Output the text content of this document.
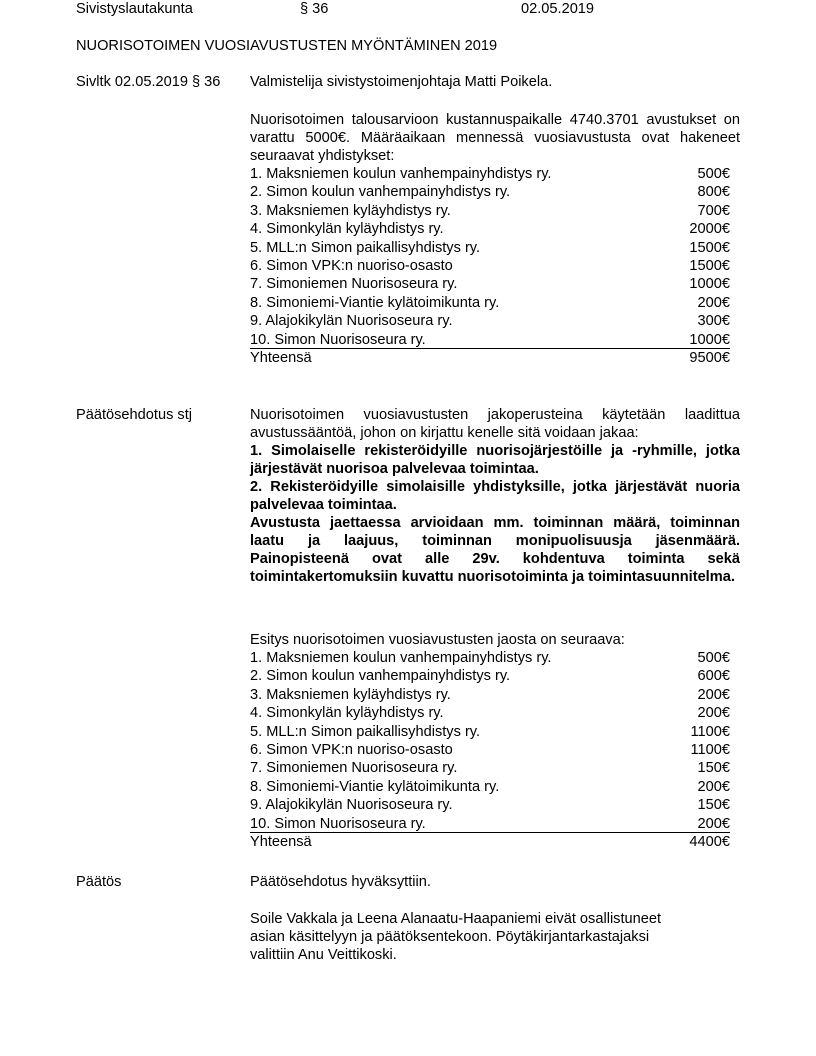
Sivistyslautakunta	§ 36	02.05.2019
NUORISOTOIMEN VUOSIAVUSTUSTEN MYÖNTÄMINEN 2019
Sivltk 02.05.2019 § 36 Valmistelija sivistystoimenjohtaja Matti Poikela.

Nuorisotoimen talousarvioon kustannuspaikalle 4740.3701 avustukset on varattu 5000€. Määräaikaan mennessä vuosiavustusta ovat hakeneet seuraavat yhdistykset:

1. Maksniemen koulun vanhempainyhdistys ry.	500€
2. Simon koulun vanhempainyhdistys ry.	800€
3. Maksniemen kyläyhdistys ry.	700€
4. Simonkylän kyläyhdistys ry.	2000€
5. MLL:n Simon paikallisyhdistys ry.	1500€
6. Simon VPK:n nuoriso-osasto	1500€
7. Simoniemen Nuorisoseura ry.	1000€
8. Simoniemi-Viantie kylätoimikunta ry.	200€
9. Alajokikylän Nuorisoseura ry.	300€
10. Simon Nuorisoseura ry.	1000€
Yhteensä	9500€
Päätösehdotus stj	Nuorisotoimen vuosiavustusten jakoperusteina käytetään laadittua avustussääntöä, johon on kirjattu kenelle sitä voidaan jakaa:

1. Simolaiselle rekisteröidyille nuorisojärjestöille ja -ryhmille, jotka järjestävät nuorisoa palvelevaa toimintaa.

2. Rekisteröidyille simolaisille yhdistyksille, jotka järjestävät nuoria palvelevaa toimintaa.

Avustusta jaettaessa arvioidaan mm. toiminnan määrä, toiminnan laatu ja laajuus, toiminnan monipuolisuusja jäsenmäärä. Painopisteenä ovat alle 29v. kohdentuva toiminta sekä toimintakertomuksiin kuvattu nuorisotoiminta ja toimintasuunnitelma.

Esitys nuorisotoimen vuosiavustusten jaosta on seuraava:

1. Maksniemen koulun vanhempainyhdistys ry.	500€
2. Simon koulun vanhempainyhdistys ry.	600€
3. Maksniemen kyläyhdistys ry.	200€
4. Simonkylän kyläyhdistys ry.	200€
5. MLL:n Simon paikallisyhdistys ry.	1100€
6. Simon VPK:n nuoriso-osasto	1100€
7. Simoniemen Nuorisoseura ry.	150€
8. Simoniemi-Viantie kylätoimikunta ry.	200€
9. Alajokikylän Nuorisoseura ry.	150€
10. Simon Nuorisoseura ry.	200€
Yhteensä	4400€
Päätös	Päätösehdotus hyväksyttiin.
Soile Vakkala ja Leena Alanaatu-Haapaniemi eivät osallistuneet
asian käsittelyyn ja päätöksentekoon. Pöytäkirjantarkastajaksi
valittiin Anu Veittikoski.
